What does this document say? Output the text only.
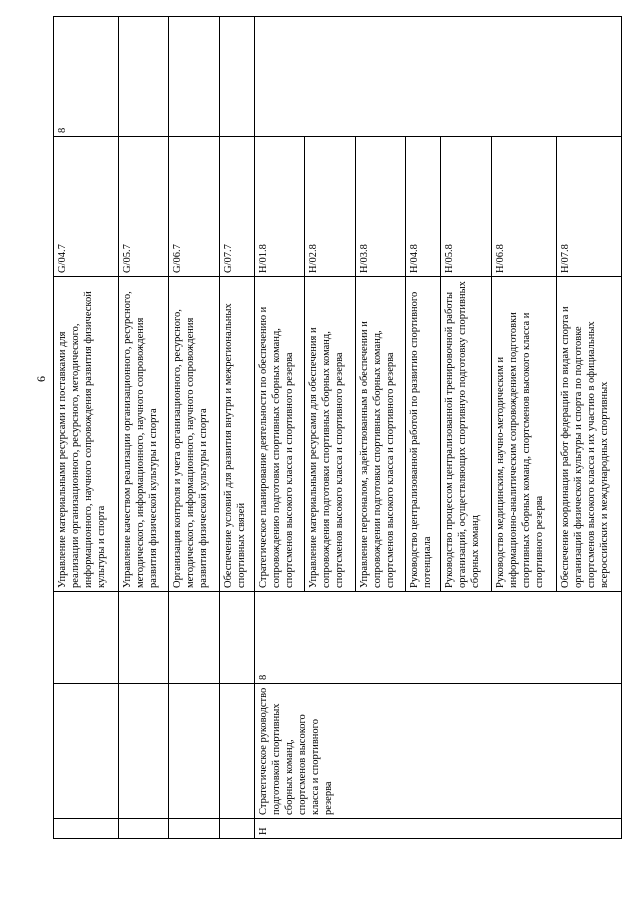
6
			Управление материальными ресурсами и поставками для реализации организационного, ресурсного, методического, информационного, научного сопровождения развития физической культуры и спорта	G/04.7	8
			Управление качеством реализации организационного, ресурсного, методического, информационного, научного сопровождения развития физической культуры и спорта	G/05.7	
			Организация контроля и учета организационного, ресурсного, методического, информационного, научного сопровождения развития физической культуры и спорта	G/06.7	
			Обеспечение условий для развития внутри и межрегиональных спортивных связей	G/07.7	
H	Стратегическое руководство подготовкой спортивных сборных команд, спортсменов высокого класса и спортивного резерва	8	Стратегическое планирование деятельности по обеспечению и сопровождению подготовки спортивных сборных команд, спортсменов высокого класса и спортивного резерва	H/01.8	
			Управление материальными ресурсами для обеспечения и сопровождения подготовки спортивных сборных команд, спортсменов высокого класса и спортивного резерва	H/02.8	
			Управление персоналом, задействованным в обеспечении и сопровождении подготовки спортивных сборных команд, спортсменов высокого класса и спортивного резерва	H/03.8	
			Руководство централизованной работой по развитию спортивного потенциала	H/04.8	
			Руководство процессом централизованной тренировочной работы организаций, осуществляющих спортивную подготовку спортивных сборных команд	H/05.8	
			Руководство медицинским, научно-методическим и информационно-аналитическим сопровождением подготовки спортивных сборных команд, спортсменов высокого класса и спортивного резерва	H/06.8	
			Обеспечение координации работ федераций по видам спорта и организаций физической культуры и спорта по подготовке спортсменов высокого класса и их участию в официальных всероссийских и международных спортивных	H/07.8	
